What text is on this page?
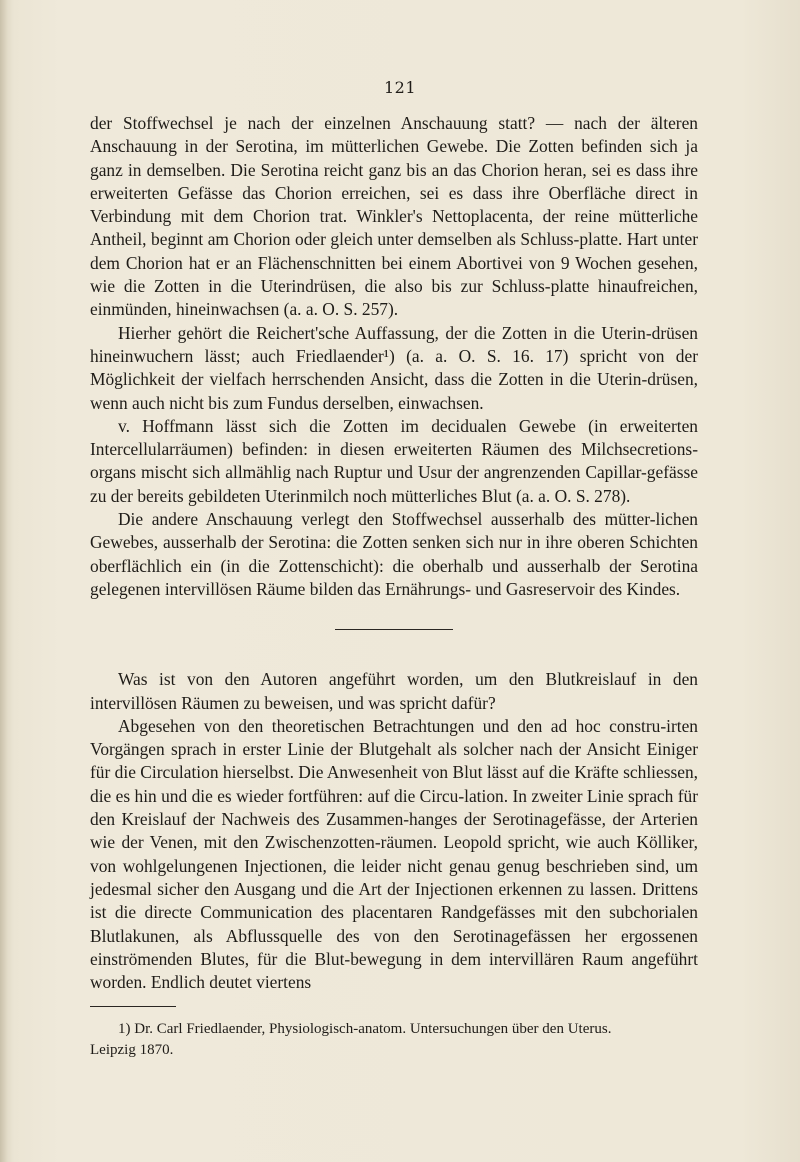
121

der Stoffwechsel je nach der einzelnen Anschauung statt? — nach der älteren Anschauung in der Serotina, im mütterlichen Gewebe. Die Zotten befinden sich ja ganz in demselben. Die Serotina reicht ganz bis an das Chorion heran, sei es dass ihre erweiterten Gefässe das Chorion erreichen, sei es dass ihre Oberfläche direct in Verbindung mit dem Chorion trat. Winkler's Nettoplacenta, der reine mütterliche Antheil, beginnt am Chorion oder gleich unter demselben als Schluss-platte. Hart unter dem Chorion hat er an Flächenschnitten bei einem Abortivei von 9 Wochen gesehen, wie die Zotten in die Uterindrüsen, die also bis zur Schluss-platte hinaufreichen, einmünden, hineinwachsen (a. a. O. S. 257).

Hierher gehört die Reichert'sche Auffassung, der die Zotten in die Uterin-drüsen hineinwuchern lässt; auch Friedlaender¹) (a. a. O. S. 16. 17) spricht von der Möglichkeit der vielfach herrschenden Ansicht, dass die Zotten in die Uterin-drüsen, wenn auch nicht bis zum Fundus derselben, einwachsen.

v. Hoffmann lässt sich die Zotten im decidualen Gewebe (in erweiterten Intercellularräumen) befinden: in diesen erweiterten Räumen des Milchsecretions-organs mischt sich allmählig nach Ruptur und Usur der angrenzenden Capillar-gefässe zu der bereits gebildeten Uterinmilch noch mütterliches Blut (a. a. O. S. 278).

Die andere Anschauung verlegt den Stoffwechsel ausserhalb des mütter-lichen Gewebes, ausserhalb der Serotina: die Zotten senken sich nur in ihre oberen Schichten oberflächlich ein (in die Zottenschicht): die oberhalb und ausserhalb der Serotina gelegenen intervillösen Räume bilden das Ernährungs- und Gasreservoir des Kindes.

Was ist von den Autoren angeführt worden, um den Blutkreislauf in den intervillösen Räumen zu beweisen, und was spricht dafür?

Abgesehen von den theoretischen Betrachtungen und den ad hoc constru-irten Vorgängen sprach in erster Linie der Blutgehalt als solcher nach der Ansicht Einiger für die Circulation hierselbst. Die Anwesenheit von Blut lässt auf die Kräfte schliessen, die es hin und die es wieder fortführen: auf die Circu-lation. In zweiter Linie sprach für den Kreislauf der Nachweis des Zusammen-hanges der Serotinagefässe, der Arterien wie der Venen, mit den Zwischenzotten-räumen. Leopold spricht, wie auch Kölliker, von wohlgelungenen Injectionen, die leider nicht genau genug beschrieben sind, um jedesmal sicher den Ausgang und die Art der Injectionen erkennen zu lassen. Drittens ist die directe Communication des placentaren Randgefässes mit den subchorialen Blutlakunen, als Abflussquelle des von den Serotinagefässen her ergossenen einströmenden Blutes, für die Blut-bewegung in dem intervillären Raum angeführt worden. Endlich deutet viertens

1) Dr. Carl Friedlaender, Physiologisch-anatom. Untersuchungen über den Uterus.
Leipzig 1870.
